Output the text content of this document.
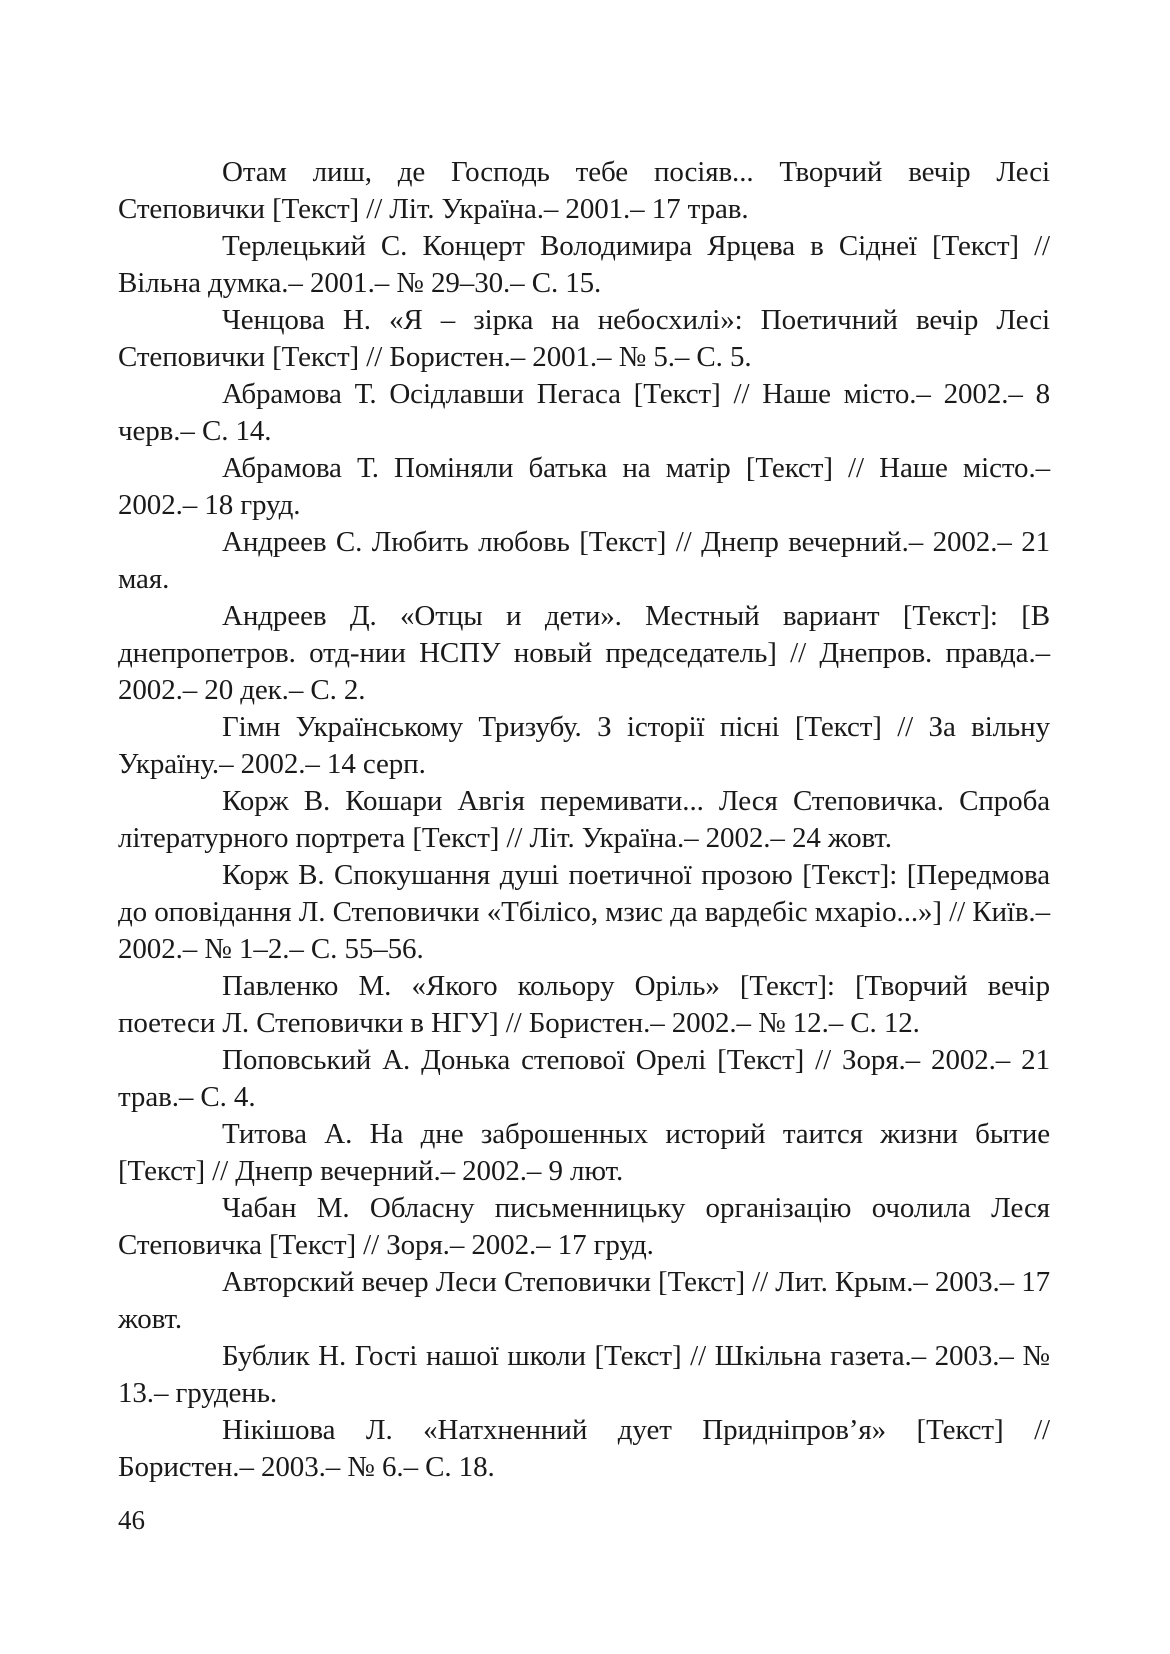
Отам лиш, де Господь тебе посіяв... Творчий вечір Лесі Степовички [Текст] // Літ. Україна.– 2001.– 17 трав.
Терлецький С. Концерт Володимира Ярцева в Сіднеї [Текст] // Вільна думка.– 2001.– № 29–30.– С. 15.
Ченцова Н. «Я – зірка на небосхилі»: Поетичний вечір Лесі Степовички [Текст] // Бористен.– 2001.– № 5.– С. 5.
Абрамова Т. Осідлавши Пегаса [Текст] // Наше місто.– 2002.– 8 черв.– С. 14.
Абрамова Т. Поміняли батька на матір [Текст] // Наше місто.– 2002.– 18 груд.
Андреев С. Любить любовь [Текст] // Днепр вечерний.– 2002.– 21 мая.
Андреев Д. «Отцы и дети». Местный вариант [Текст]: [В днепропетров. отд-нии НСПУ новый председатель] // Днепров. правда.– 2002.– 20 дек.– С. 2.
Гімн Українському Тризубу. З історії пісні [Текст] // За вільну Україну.– 2002.– 14 серп.
Корж В. Кошари Авгія перемивати... Леся Степовичка. Спроба літературного портрета [Текст] // Літ. Україна.– 2002.– 24 жовт.
Корж В. Спокушання душі поетичної прозою [Текст]: [Передмова до оповідання Л. Степовички «Тбілісо, мзис да вардебіс мхаріо...»] // Київ.– 2002.– № 1–2.– С. 55–56.
Павленко М. «Якого кольору Оріль» [Текст]: [Творчий вечір поетеси Л. Степовички в НГУ] // Бористен.– 2002.– № 12.– С. 12.
Поповський А. Донька степової Орелі [Текст] // Зоря.– 2002.– 21 трав.– С. 4.
Титова А. На дне заброшенных историй таится жизни бытие [Текст] // Днепр вечерний.– 2002.– 9 лют.
Чабан М. Обласну письменницьку організацію очолила Леся Степовичка [Текст] // Зоря.– 2002.– 17 груд.
Авторский вечер Леси Степовички [Текст] // Лит. Крым.– 2003.– 17 жовт.
Бублик Н. Гості нашої школи [Текст] // Шкільна газета.– 2003.– № 13.– грудень.
Нікішова Л. «Натхненний дует Придніпров’я» [Текст] // Бористен.– 2003.– № 6.– С. 18.

46
